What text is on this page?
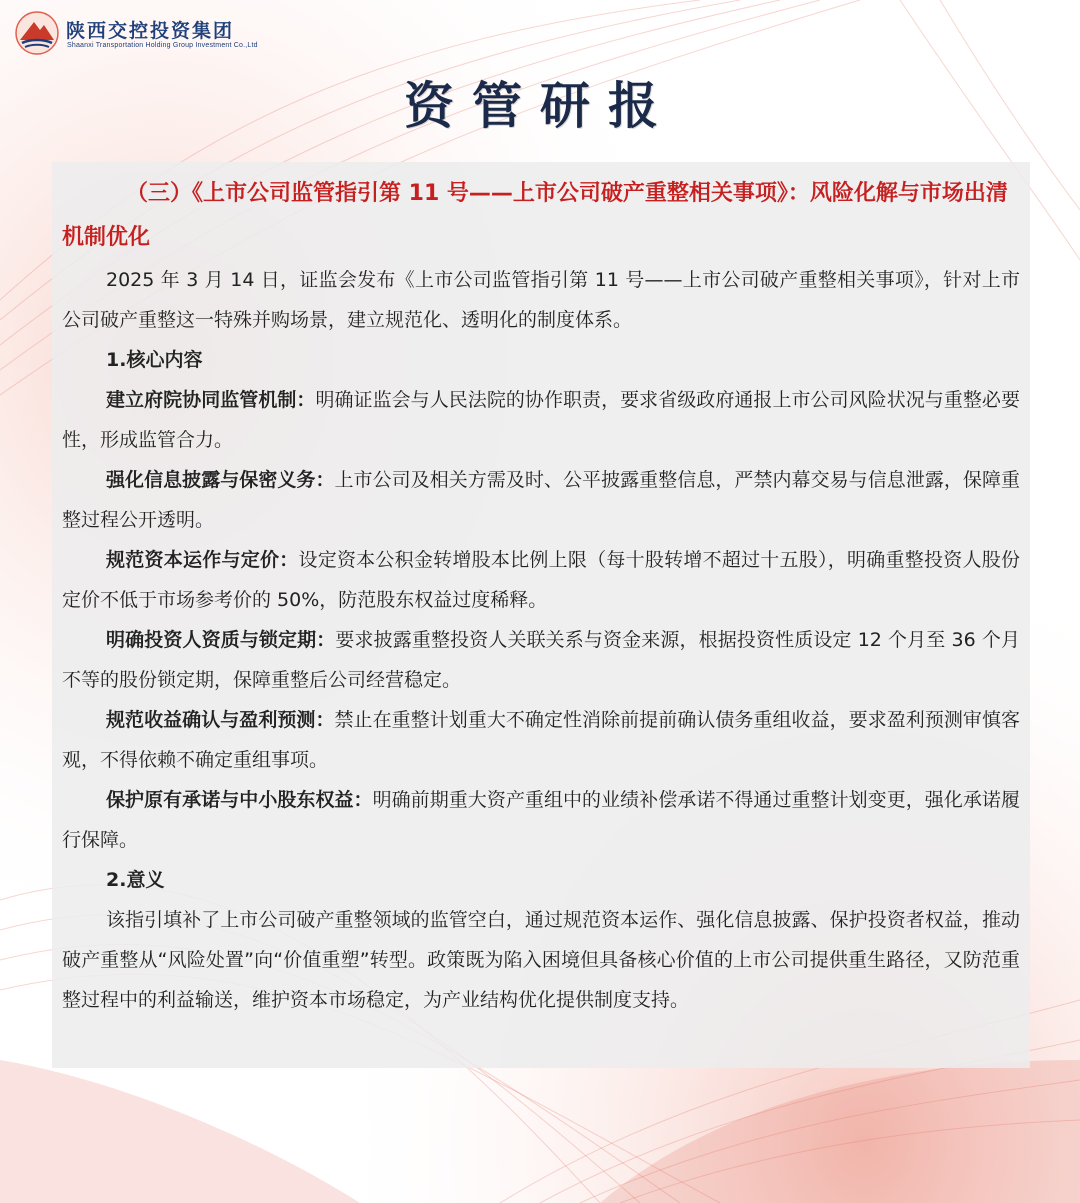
陕西交控投资集团
Shaanxi Transportation Holding Group Investment Co.,Ltd
资管研报
（三）《上市公司监管指引第 11 号——上市公司破产重整相关事项》：风险化解与市场出清机制优化

2025 年 3 月 14 日，证监会发布《上市公司监管指引第 11 号——上市公司破产重整相关事项》，针对上市公司破产重整这一特殊并购场景，建立规范化、透明化的制度体系。

1.核心内容

建立府院协同监管机制：明确证监会与人民法院的协作职责，要求省级政府通报上市公司风险状况与重整必要性，形成监管合力。

强化信息披露与保密义务：上市公司及相关方需及时、公平披露重整信息，严禁内幕交易与信息泄露，保障重整过程公开透明。

规范资本运作与定价：设定资本公积金转增股本比例上限（每十股转增不超过十五股），明确重整投资人股份定价不低于市场参考价的 50%，防范股东权益过度稀释。

明确投资人资质与锁定期：要求披露重整投资人关联关系与资金来源，根据投资性质设定 12 个月至 36 个月不等的股份锁定期，保障重整后公司经营稳定。

规范收益确认与盈利预测：禁止在重整计划重大不确定性消除前提前确认债务重组收益，要求盈利预测审慎客观，不得依赖不确定重组事项。

保护原有承诺与中小股东权益：明确前期重大资产重组中的业绩补偿承诺不得通过重整计划变更，强化承诺履行保障。

2.意义

该指引填补了上市公司破产重整领域的监管空白，通过规范资本运作、强化信息披露、保护投资者权益，推动破产重整从“风险处置”向“价值重塑”转型。政策既为陷入困境但具备核心价值的上市公司提供重生路径，又防范重整过程中的利益输送，维护资本市场稳定，为产业结构优化提供制度支持。
